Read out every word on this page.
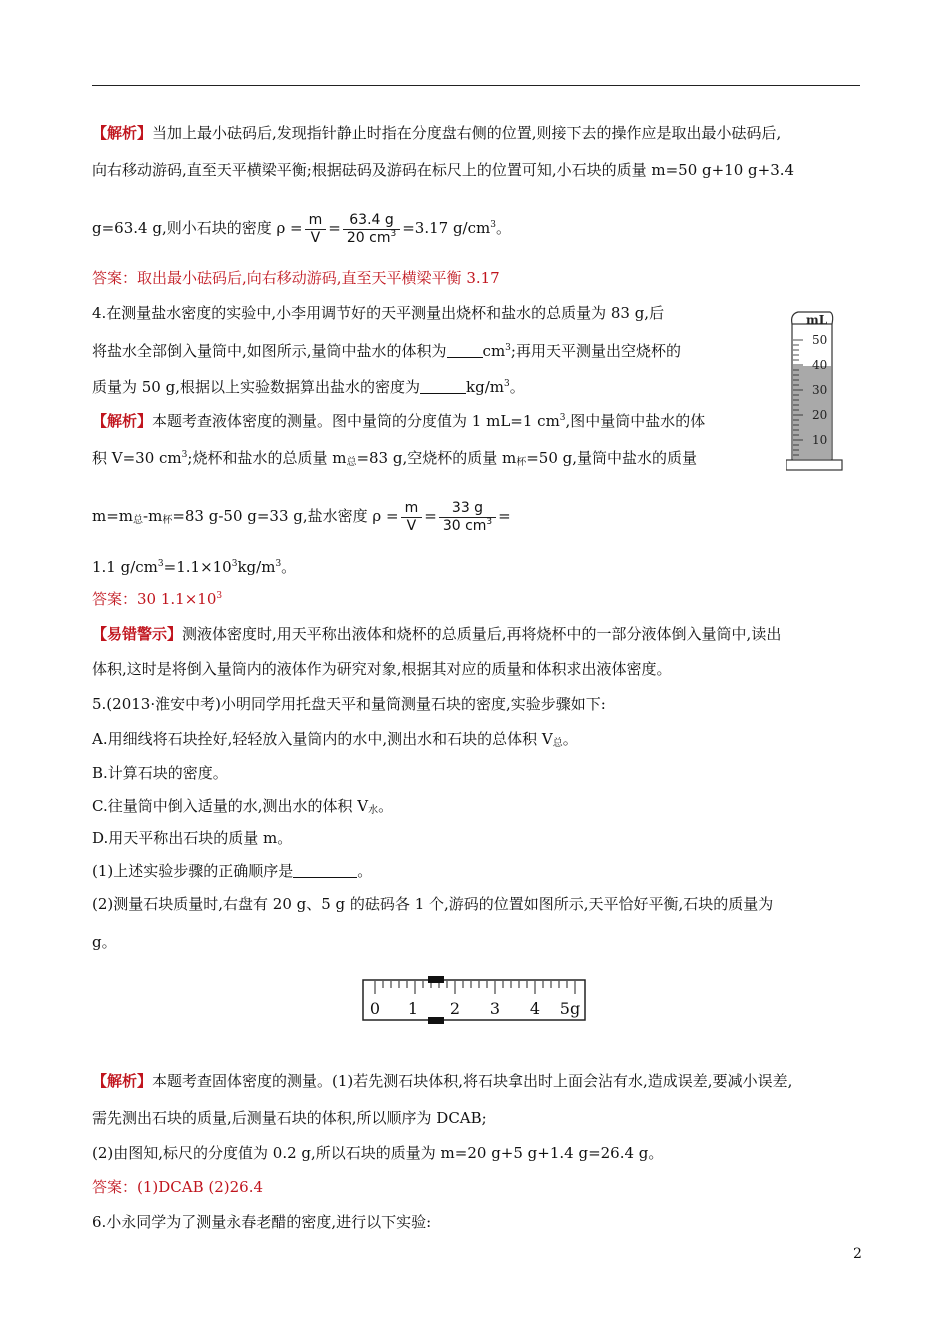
【解析】当加上最小砝码后,发现指针静止时指在分度盘右侧的位置,则接下去的操作应是取出最小砝码后,
向右移动游码,直至天平横梁平衡;根据砝码及游码在标尺上的位置可知,小石块的质量 m=50 g+10 g+3.4
g=63.4 g,则小石块的密度 $\rho = \frac{m}{V} = \frac{63.4 g}{20 cm^3} =3.17$ $g/cm^3$。
答案：取出最小砝码后,向右移动游码,直至天平横梁平衡 3.17
4.在测量盐水密度的实验中,小李用调节好的天平测量出烧杯和盐水的总质量为 83 g,后
将盐水全部倒入量筒中,如图所示,量筒中盐水的体积为 $cm^3$;再用天平测量出空烧杯的
质量为 50 g,根据以上实验数据算出盐水的密度为	$kg/m^3$。
【解析】本题考查液体密度的测量。图中量筒的分度值为 1 mL=1 $cm^3$,图中量筒中盐水的体
积 V=30 $cm^3$;烧杯和盐水的总质量 $m_总=83$ g,空烧杯的质量 $m_杯=50$ g,量筒中盐水的质量
$m=m_总-m_杯=83$ g-50 g=33 g,盐水密度 $\rho = \frac{m}{V} = \frac{33 g}{30 cm^3}$ =
1.1 $g/cm^3=1.1\times 10^3kg/m^3$。
答案：30 $1.1\times 10^3$
【易错警示】测液体密度时,用天平称出液体和烧杯的总质量后,再将烧杯中的一部分液体倒入量筒中,读出
体积,这时是将倒入量筒内的液体作为研究对象,根据其对应的质量和体积求出液体密度。
mL
50
40
30
20
10
5.(2013·淮安中考)小明同学用托盘天平和量筒测量石块的密度,实验步骤如下:
A.用细线将石块拴好,轻轻放入量筒内的水中,测出水和石块的总体积 $V_总$。
B.计算石块的密度。
C.往量筒中倒入适量的水,测出水的体积 $V_水$。
D.用天平称出石块的质量 m。
(1)上述实验步骤的正确顺序是	。
(2)测量石块质量时,右盘有 20 g、5 g 的砝码各 1 个,游码的位置如图所示,天平恰好平衡,石块的质量为
g。
0 1 2 3 4 5g
【解析】本题考查固体密度的测量。(1)若先测石块体积,将石块拿出时上面会沾有水,造成误差,要减小误差,
需先测出石块的质量,后测量石块的体积,所以顺序为 DCAB;
(2)由图知,标尺的分度值为 0.2 g,所以石块的质量为 m=20 g+5 g+1.4 g=26.4 g。
答案：(1)DCAB (2)26.4
6.小永同学为了测量永春老醋的密度,进行以下实验:
2
